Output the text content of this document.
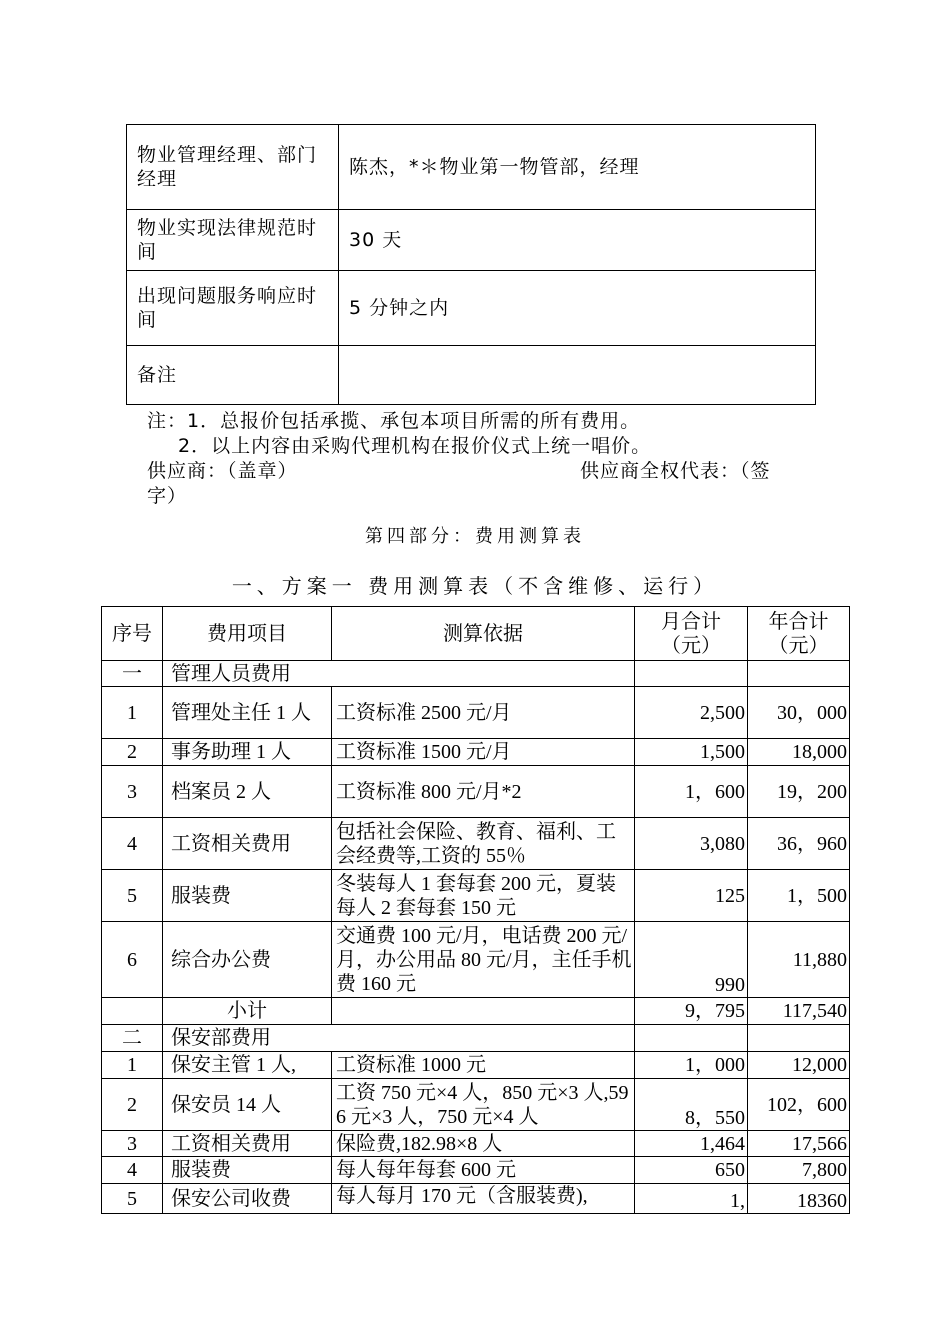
物业管理经理、部门经理	陈杰，*＊物业第一物管部，经理
物业实现法律规范时间	30 天
出现问题服务响应时间	5 分钟之内
备注	
注：1．总报价包括承揽、承包本项目所需的所有费用。
2．以上内容由采购代理机构在报价仪式上统一唱价。
供应商：（盖章）	供应商全权代表：（签
字）
第四部分：费用测算表
一、方案一 费用测算表（不含维修、运行）
序号	费用项目	测算依据	月合计（元）	年合计（元）
一	管理人员费用			
1	管理处主任 1 人	工资标准 2500 元/月	2,500	30，000
2	事务助理 1 人	工资标准 1500 元/月	1,500	18,000
3	档案员 2 人	工资标准 800 元/月*2	1，600	19，200
4	工资相关费用	包括社会保险、教育、福利、工会经费等,工资的 55％	3,080	36，960
5	服装费	冬装每人 1 套每套 200 元，夏装每人 2 套每套 150 元	125	1，500
6	综合办公费	交通费 100 元/月，电话费 200 元/月，办公用品 80 元/月，主任手机费 160 元	990	11,880
	小计		9，795	117,540
二	保安部费用			
1	保安主管 1 人,	工资标准 1000 元	1，000	12,000
2	保安员 14 人	工资 750 元×4 人，850 元×3 人,596 元×3 人，750 元×4 人	8，550	102，600
3	工资相关费用	保险费,182.98×8 人	1,464	17,566
4	服装费	每人每年每套 600 元	650	7,800
5	保安公司收费	每人每月 170 元（含服装费),	1,	18360
